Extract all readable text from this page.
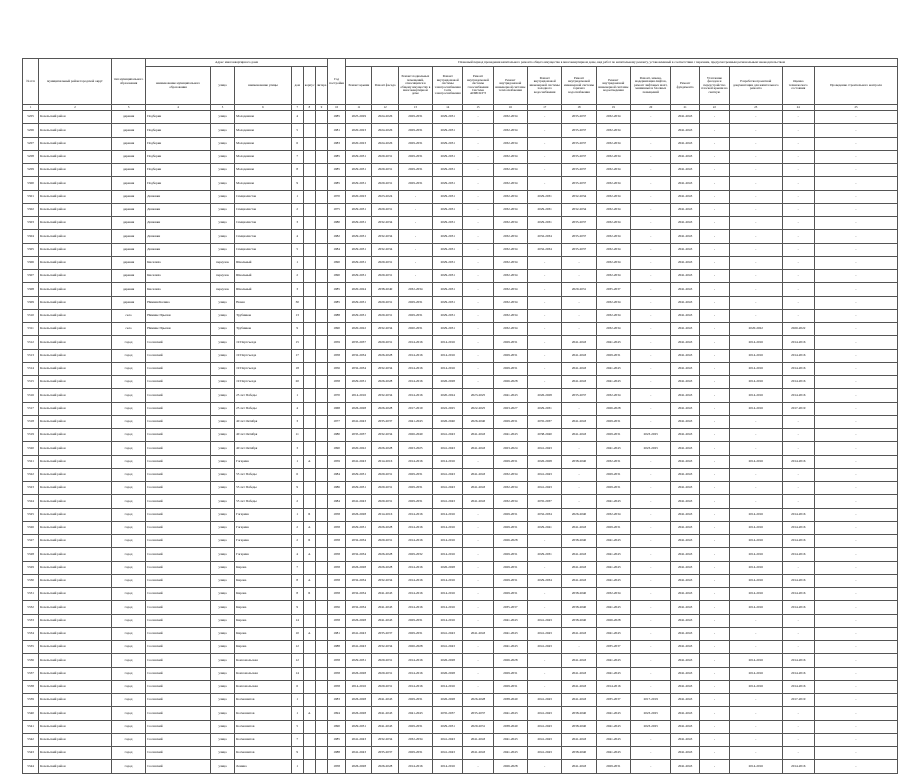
№ п/п	муниципальный район/городской округ	тип муниципального образования	Адрес многоквартирного дома						Год постройки	Плановый период проведения капитального ремонта общего имущества в многоквартирном доме, вид работ по капитальному ремонту, установленный в соответствии с перечнем, предусмотренным региональным законодательством														
			наименование муниципального образования	улица	наименование улицы	дом	корпус	литера		Ремонт крыши	Ремонт фасада	Ремонт подвальных помещений, относящихся к общему имуществу в многоквартирном доме	Ремонт внутридомовой системы электроснабжения Сети электроснабжения	Ремонт внутридомовой системы газоснабжения Система АИИСКУЭ	Ремонт внутридомовой инженерной системы теплоснабжения	Ремонт внутридомовой инженерной системы холодного водоснабжения	Ремонт внутридомовой инженерной системы горячего водоснабжения	Ремонт внутридомовой инженерной системы водоотведения	Ремонт, замена, модернизация лифтов, ремонт лифтовых шахт, машинных и блочных помещений	Ремонт фундамента	Утепление фасадов и переустройство плоской крыши на скатную	Разработка проектной документации для капитального ремонта	Оценка технического состояния	Проведение строительного контроля
1	2	3	4	5	6	7	8	9	10	11	12	13	14	15	16	17	18	19	20	21	22	23	24	25
5205	Козельский район	деревня	Подборки	улица	Молодежная	4			1985	2025-2029	2024-2026	2029-2031	2029-2031	-	2032-2034	-	2035-2037	2032-2034	-	2041-2043	-	-	-	-
5206	Козельский район	деревня	Подборки	улица	Молодежная	5			1981	2020-2023	2024-2026	2029-2031	2029-2031	-	2032-2034	-	2035-2037	2032-2034	-	2041-2043	-	-	-	-
5207	Козельский район	деревня	Подборки	улица	Молодежная	6			1983	2020-2023	2024-2026	2029-2031	2029-2031	-	2032-2034	-	2035-2037	2032-2034	-	2041-2043	-	-	-	-
5208	Козельский район	деревня	Подборки	улица	Молодежная	7			1985	2029-2031	2029-2031	2029-2031	2029-2031	-	2032-2034	-	2035-2037	2032-2034	-	2041-2043	-	-	-	-
5209	Козельский район	деревня	Подборки	улица	Молодежная	8			1985	2029-2031	2029-2031	2029-2031	2029-2031	-	2032-2034	-	2035-2037	2032-2034	-	2041-2043	-	-	-	-
5300	Козельский район	деревня	Подборки	улица	Молодежная	9			1985	2029-2031	2029-2031	2029-2031	2029-2031	-	2032-2034	-	2035-2037	2032-2034	-	2041-2043	-	-	-	-
5301	Козельский район	деревня	Дешовки	улица	Специалистов	1			1970	2020-2023	2023-2024	-	2029-2031	-	2032-2034	2029-2031	2032-2034	2032-2034	-	2041-2043	-	-	-	-
5302	Козельский район	деревня	Дешовки	улица	Специалистов	2			1975	2029-2031	2029-2031	-	2029-2031	-	2032-2034	2029-2031	2032-2034	2032-2034	-	2041-2043	-	-	-	-
5303	Козельский район	деревня	Дешовки	улица	Специалистов	3			1980	2029-2031	2032-2034	-	2029-2031	-	2032-2034	2029-2031	2035-2037	2032-2034	-	2041-2043	-	-	-	-
5304	Козельский район	деревня	Дешовки	улица	Специалистов	4			1982	2029-2031	2032-2034	-	2029-2031	-	2032-2034	2032-2034	2035-2037	2032-2034	-	2041-2043	-	-	-	-
5305	Козельский район	деревня	Дешовки	улица	Специалистов	5			1984	2029-2031	2032-2034	-	2029-2031	-	2032-2034	2032-2034	2035-2037	2032-2034	-	2041-2043	-	-	-	-
5306	Козельский район	деревня	Киселиха	переулок	Школьный	1			1990	2029-2031	2029-2031	-	2029-2031	-	2032-2034	-	-	2032-2034	-	2041-2043	-	-	-	-
5307	Козельский район	деревня	Киселиха	переулок	Школьный	2			1990	2029-2031	2029-2031	-	2029-2031	-	2032-2034	-	-	2032-2034	-	2041-2043	-	-	-	-
5308	Козельский район	деревня	Киселиха	переулок	Школьный	3			1985	2020-2024	2038-2040	2032-2034	2029-2031	-	2032-2034	-	2029-2031	2035-2037	-	2041-2043	-	-	-	-
5309	Козельский район	деревня	Нижняя Калина	улица	Новая	30			1985	2029-2031	2029-2031	2029-2031	2029-2031	-	2032-2034	-	-	2032-2034	-	2041-2043	-	-	-	-
5310	Козельский район	село	Нижние Прыски	улица	Трубников	13			1988	2029-2031	2029-2031	2029-2031	2029-2031	-	2032-2034	-	-	2032-2034	-	2041-2043	-	-	-	-
5311	Козельский район	село	Нижние Прыски	улица	Трубников	9			1990	2020-2022	2032-2034	2020-2031	2029-2031	-	2032-2034	-	-	2032-2034	-	2041-2043	-	2020-2022	2020-2022	-
5312	Козельский район	город	Сосенский	улица	19 Партсъезда	15			1959	2035-2037	2029-2031	2014-2016	2014-2016	-	2029-2031	-	2041-2043	2041-2043	-	2041-2043	-	2014-2016	2014-2016	-
5313	Козельский район	город	Сосенский	улица	19 Партсъезда	17			1958	2032-2034	2026-2028	2014-2016	2014-2016	-	2029-2031	-	2041-2043	2029-2031	-	2041-2043	-	2014-2016	2014-2016	-
5314	Козельский район	город	Сосенский	улица	19 Партсъезда	18			1956	2032-2034	2032-2034	2014-2016	2014-2016	-	2029-2031	-	2041-2043	2041-2043	-	2041-2043	-	2014-2016	2014-2016	-
5315	Козельский район	город	Сосенский	улица	19 Партсъезда	20			1958	2029-2031	2026-2028	2014-2016	2026-2028	-	2026-2028	-	2041-2043	2041-2043	-	2041-2043	-	2014-2016	2014-2016	-
5316	Козельский район	город	Сосенский	улица	25 лет Победы	1			1970	2014-2016	2032-2034	2014-2016	2020-2024	2023-2025	2041-2043	2026-2028	2035-2037	2032-2034	-	2041-2043	-	2014-2016	2014-2016	-
5317	Козельский район	город	Сосенский	улица	25 лет Победы	4			1968	2026-2028	2026-2028	2017-2019	2022-2025	2022-2025	2023-2027	2029-2031	-	2026-2028	-	2041-2043	-	2014-2016	2017-2019	-
5318	Козельский район	город	Сосенский	улица	40 лет Октября	3			1977	2041-2043	2035-2037	2041-2043	2026-2040	2026-2040	2029-2031	2035-2037	2041-2043	2029-2031	-	2041-2043	-	-	-	-
5319	Козельский район	город	Сосенский	улица	40 лет Октября	11			1980	2035-2037	2032-2034	2026-2040	2041-2043	2041-2043	2041-2043	2038-2040	2041-2043	2029-2031	2023-2025	2041-2043	-	-	-	-
5320	Козельский район	город	Сосенский	улица	40 лет Октября	3			1990	2020-2022	2026-2028	2023-2025	2041-2043	2041-2043	2023-2024	2041-2043	-	2041-2043	2023-2025	2041-2043	-	-	-	-
5321	Козельский район	город	Сосенский	улица	Гагарина	1	А		1959	2041-2043	2014-2016	2014-2016	2014-2016	-	2029-2031	2026-2028	2038-2040	2032-2031	-	2041-2043	-	2014-2016	2014-2016	-
5322	Козельский район	город	Сосенский	улица	55 лет Победы	6			1984	2029-2031	2029-2031	2029-2031	2041-2043	2041-2043	2032-2034	2041-2043	-	2029-2031	-	2041-2043	-	-	-	-
5323	Козельский район	город	Сосенский	улица	55 лет Победы	9			1986	2029-2031	2029-2031	2029-2031	2041-2043	2041-2043	2032-2034	2041-2043	-	2029-2031	-	2041-2043	-	-	-	-
5324	Козельский район	город	Сосенский	улица	55 лет Победы	2			1984	2041-2043	2029-2031	2029-2031	2041-2043	2041-2043	2032-2034	2035-2037	-	2041-2043	-	2041-2043	-	-	-	-
5325	Козельский район	город	Сосенский	улица	Гагарина	1	Б		1958	2026-2028	2014-2016	2014-2016	2014-2016	-	2029-2031	2032-2034	2026-2040	2032-2034	-	2041-2043	-	2014-2016	2014-2016	-
5326	Козельский район	город	Сосенский	улица	Гагарина	2	А		1958	2029-2031	2026-2028	2014-2016	2014-2016	-	2029-2031	2029-2041	2041-2043	2029-2031	-	2041-2043	-	2014-2016	2014-2016	-
5327	Козельский район	город	Сосенский	улица	Гагарина	2	Б		1958	2032-2034	2029-2031	2014-2016	2014-2016	-	2026-2028	-	2038-2040	2041-2043	-	2041-2043	-	2014-2016	2014-2016	-
5328	Козельский район	город	Сосенский	улица	Гагарина	4	А		1958	2032-2034	2026-2028	2029-2032	2014-2016	-	2029-2031	2029-2031	2041-2043	2041-2043	-	2041-2043	-	2014-2016	2014-2016	-
5329	Козельский район	город	Сосенский	улица	Кирова	7			1958	2026-2028	2026-2028	2014-2016	2026-2028	-	2029-2031	-	2041-2043	2041-2043	-	2041-2043	-	2014-2016	-	-
5330	Козельский район	город	Сосенский	улица	Кирова	8	А		1958	2032-2034	2032-2034	2014-2016	2014-2016	-	2029-2031	2029-2034	2041-2043	2041-2043	-	2041-2043	-	2014-2016	2014-2016	-
5331	Козельский район	город	Сосенский	улица	Кирова	8	Б		1958	2032-2034	2041-2043	2014-2016	2014-2016	-	2029-2031	-	2038-2040	2032-2034	-	2041-2043	-	2014-2016	2014-2016	-
5332	Козельский район	город	Сосенский	улица	Кирова	9			1956	2032-2034	2041-2043	2014-2016	2014-2016	-	2035-2037	-	2038-2040	2041-2043	-	2041-2043	-	2014-2016	2014-2016	-
5333	Козельский район	город	Сосенский	улица	Кирова	14			1958	2026-2028	2041-2043	2029-2031	2014-2016	-	2041-2043	2041-2043	2038-2040	2026-2028	-	2041-2043	-	-	-	-
5334	Козельский район	город	Сосенский	улица	Кирова	10	А		1981	2041-2043	2035-2037	2029-2031	2041-2043	2041-2043	2041-2043	2041-2043	2041-2043	2041-2043	-	2041-2043	-	-	-	-
5335	Козельский район	город	Сосенский	улица	Кирова	12			1988	2041-2043	2032-2034	2026-2028	2041-2043	-	2041-2043	2041-2043	-	2035-2037	-	2041-2043	-	-	-	-
5336	Козельский район	город	Сосенский	улица	Комсомольская	12			1958	2029-2031	2029-2031	2014-2016	2026-2028	-	2026-2028	-	2041-2043	2041-2043	-	2041-2043	-	2014-2016	2014-2016	-
5337	Козельский район	город	Сосенский	улица	Комсомольская	14			1958	2026-2028	2029-2031	2014-2016	2026-2028	-	2029-2031	-	2041-2043	2041-2043	-	2041-2043	-	2014-2016	2014-2016	-
5338	Козельский район	город	Сосенский	улица	Комсомольская	6			1958	2014-2016	2029-2031	2014-2016	2014-2016	-	2029-2031	-	2041-2043	2014-2016	-	2041-2043	-	2014-2016	2014-2016	-
5339	Козельский район	город	Сосенский	улица	Космонавтов	1			1983	2026-2028	2041-2043	2029-2031	2026-2028	2026-2028	2038-2040	2041-2043	2041-2043	2035-2037	2017-2019	2041-2043	-	-	2017-2019	-
5340	Козельский район	город	Сосенский	улица	Космонавтов	1	А		1994	2026-2028	2041-2043	2041-2043	2035-2037	2035-2037	2041-2043	2041-2043	2038-2040	2041-2043	2023-2025	2041-2043	-	-	-	-
5341	Козельский район	город	Сосенский	улица	Космонавтов	5			1990	2029-2031	2041-2043	2029-2031	2029-2031	2029-2031	2038-2040	2041-2043	2038-2040	2041-2043	2023-2025	2041-2043	-	-	-	-
5342	Козельский район	город	Сосенский	улица	Космонавтов	7			1985	2041-2043	2032-2034	2032-2034	2041-2043	2041-2043	2041-2043	2041-2043	2041-2043	2041-2043	-	2041-2043	-	-	-	-
5343	Козельский район	город	Сосенский	улица	Космонавтов	9			1988	2041-2043	2035-2037	2029-2031	2041-2043	2041-2043	2041-2043	2041-2043	2038-2040	2041-2043	-	2041-2043	-	-	-	-
5344	Козельский район	город	Сосенский	улица	Ленина	1			1958	2026-2028	2026-2028	2014-2016	2014-2016	-	2026-2028	-	2041-2043	2029-2031	-	2041-2043	-	2014-2016	2014-2016	-
